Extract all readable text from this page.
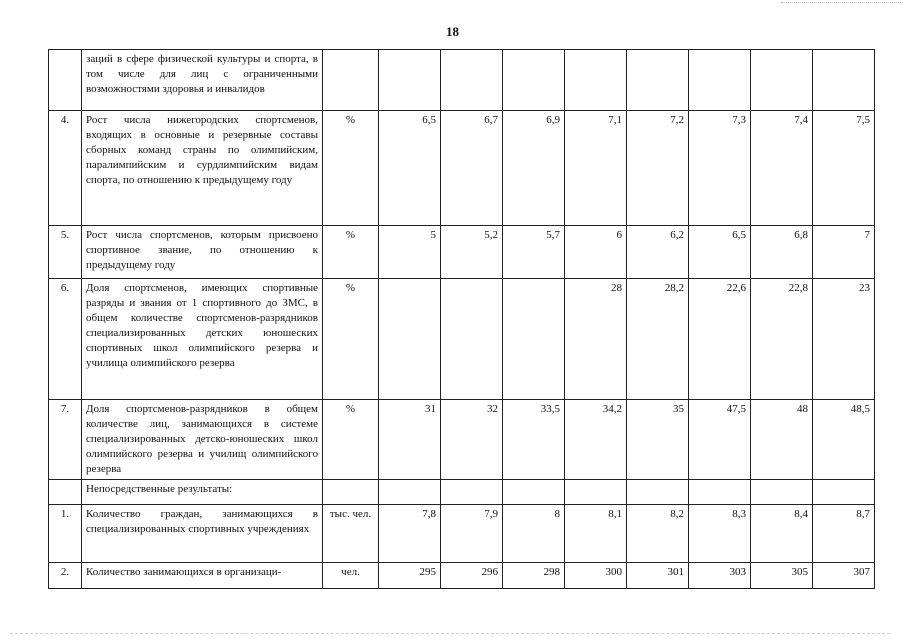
18
	заций в сфере физической культуры и спорта, в том числе для лиц с ограниченными возможностями здоровья и инвалидов									
4.	Рост числа нижегородских спортсменов, входящих в основные и резервные составы сборных команд страны по олимпийским, паралимпийским и сурдлимпийским видам спорта, по отношению к предыдущему году	%	6,5	6,7	6,9	7,1	7,2	7,3	7,4	7,5
5.	Рост числа спортсменов, которым присвоено спортивное звание, по отношению к предыдущему году	%	5	5,2	5,7	6	6,2	6,5	6,8	7
6.	Доля спортсменов, имеющих спортивные разряды и звания от 1 спортивного до ЗМС, в общем количестве спортсменов-разрядников специализированных детских юношеских спортивных школ олимпийского резерва и училища олимпийского резерва	%				28	28,2	22,6	22,8	23
7.	Доля спортсменов-разрядников в общем количестве лиц, занимающихся в системе специализированных детско-юношеских школ олимпийского резерва и училищ олимпийского резерва	%	31	32	33,5	34,2	35	47,5	48	48,5
	Непосредственные результаты:									
1.	Количество граждан, занимающихся в специализированных спортивных учреждениях	тыс. чел.	7,8	7,9	8	8,1	8,2	8,3	8,4	8,7
2.	Количество занимающихся в организаци-	чел.	295	296	298	300	301	303	305	307
